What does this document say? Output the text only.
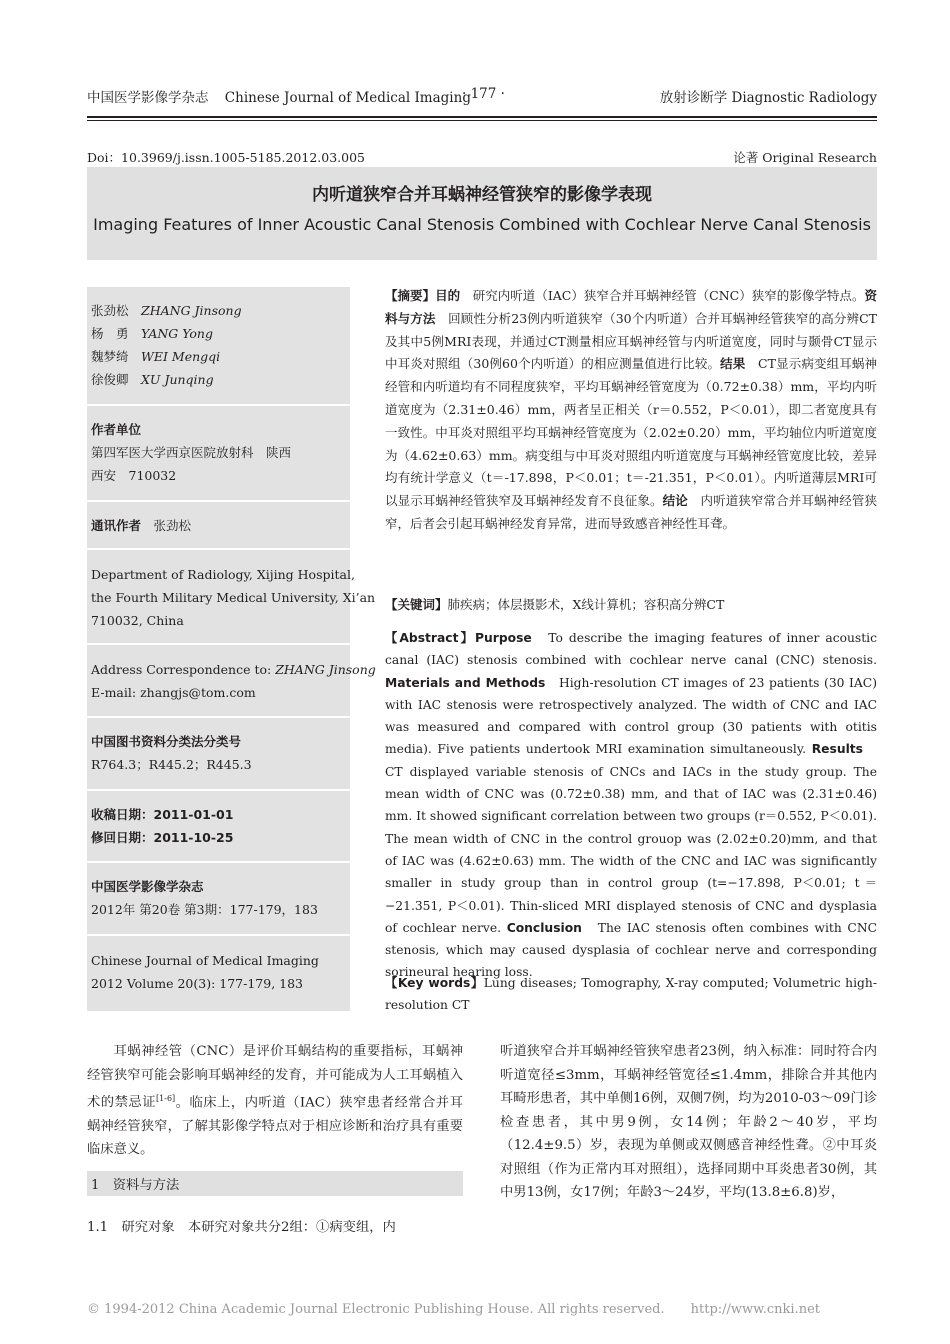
中国医学影像学杂志 Chinese Journal of Medical Imaging
· 177 ·	放射诊断学 Diagnostic Radiology
Doi：10.3969/j.issn.1005-5185.2012.03.005	论著 Original Research
内听道狭窄合并耳蜗神经管狭窄的影像学表现
Imaging Features of Inner Acoustic Canal Stenosis Combined with Cochlear Nerve Canal Stenosis
张劲松　 ZHANG Jinsong
杨　勇　 YANG Yong
魏梦绮　 WEI Mengqi
徐俊卿　 XU Junqing
作者单位
第四军医大学西京医院放射科　陕西
西安　710032
通讯作者　 张劲松
Department of Radiology, Xijing Hospital,
the Fourth Military Medical University, Xi’an
710032, China
Address Correspondence to: ZHANG Jinsong
E-mail: zhangjs@tom.com
中国图书资料分类法分类号
R764.3；R445.2；R445.3
收稿日期：2011-01-01
修回日期：2011-10-25
中国医学影像学杂志
2012年 第20卷 第3期：177-179，183
Chinese Journal of Medical Imaging
2012 Volume 20(3): 177-179, 183
【摘要】目的　研究内听道（IAC）狭窄合并耳蜗神经管（CNC）狭窄的影像学特点。资料与方法　回顾性分析23例内听道狭窄（30个内听道）合并耳蜗神经管狭窄的高分辨CT及其中5例MRI表现，并通过CT测量相应耳蜗神经管与内听道宽度，同时与颞骨CT显示中耳炎对照组（30例60个内听道）的相应测量值进行比较。结果　CT显示病变组耳蜗神经管和内听道均有不同程度狭窄，平均耳蜗神经管宽度为（0.72±0.38）mm，平均内听道宽度为（2.31±0.46）mm，两者呈正相关（r＝0.552，P＜0.01），即二者宽度具有一致性。中耳炎对照组平均耳蜗神经管宽度为（2.02±0.20）mm，平均轴位内听道宽度为（4.62±0.63）mm。病变组与中耳炎对照组内听道宽度与耳蜗神经管宽度比较，差异均有统计学意义（t＝-17.898，P＜0.01；t＝-21.351，P＜0.01）。内听道薄层MRI可以显示耳蜗神经管狭窄及耳蜗神经发育不良征象。结论　内听道狭窄常合并耳蜗神经管狭窄，后者会引起耳蜗神经发育异常，进而导致感音神经性耳聋。
【关键词】肺疾病；体层摄影术，X线计算机；容积高分辨CT
【Abstract】Purpose　To describe the imaging features of inner acoustic canal (IAC) stenosis combined with cochlear nerve canal (CNC) stenosis. Materials and Methods　High-resolution CT images of 23 patients (30 IAC) with IAC stenosis were retrospectively analyzed. The width of CNC and IAC was measured and compared with control group (30 patients with otitis media). Five patients undertook MRI examination simultaneously. Results　CT displayed variable stenosis of CNCs and IACs in the study group. The mean width of CNC was (0.72±0.38) mm, and that of IAC was (2.31±0.46) mm. It showed significant correlation between two groups (r＝0.552, P＜0.01). The mean width of CNC in the control grouop was (2.02±0.20)mm, and that of IAC was (4.62±0.63) mm. The width of the CNC and IAC was significantly smaller in study group than in control group (t=−17.898, P＜0.01; t＝−21.351, P＜0.01). Thin-sliced MRI displayed stenosis of CNC and dysplasia of cochlear nerve. Conclusion　The IAC stenosis often combines with CNC stenosis, which may caused dysplasia of cochlear nerve and corresponding sorineural hearing loss.
【Key words】Lung diseases; Tomography, X-ray computed; Volumetric high-resolution CT
耳蜗神经管（CNC）是评价耳蜗结构的重要指标，耳蜗神经管狭窄可能会影响耳蜗神经的发育，并可能成为人工耳蜗植入术的禁忌证[1-6]。临床上，内听道（IAC）狭窄患者经常合并耳蜗神经管狭窄，了解其影像学特点对于相应诊断和治疗具有重要临床意义。
1　资料与方法
1.1　研究对象　本研究对象共分2组：①病变组，内
听道狭窄合并耳蜗神经管狭窄患者23例，纳入标准：同时符合内听道宽径≤3mm，耳蜗神经管宽径≤1.4mm，排除合并其他内耳畸形患者，其中单侧16例，双侧7例，均为2010-03～09门诊检查患者，其中男9例，女14例；年龄2～40岁，平均（12.4±9.5）岁，表现为单侧或双侧感音神经性聋。②中耳炎对照组（作为正常内耳对照组），选择同期中耳炎患者30例，其中男13例，女17例；年龄3～24岁，平均(13.8±6.8)岁，
© 1994-2012 China Academic Journal Electronic Publishing House. All rights reserved.　　http://www.cnki.net
